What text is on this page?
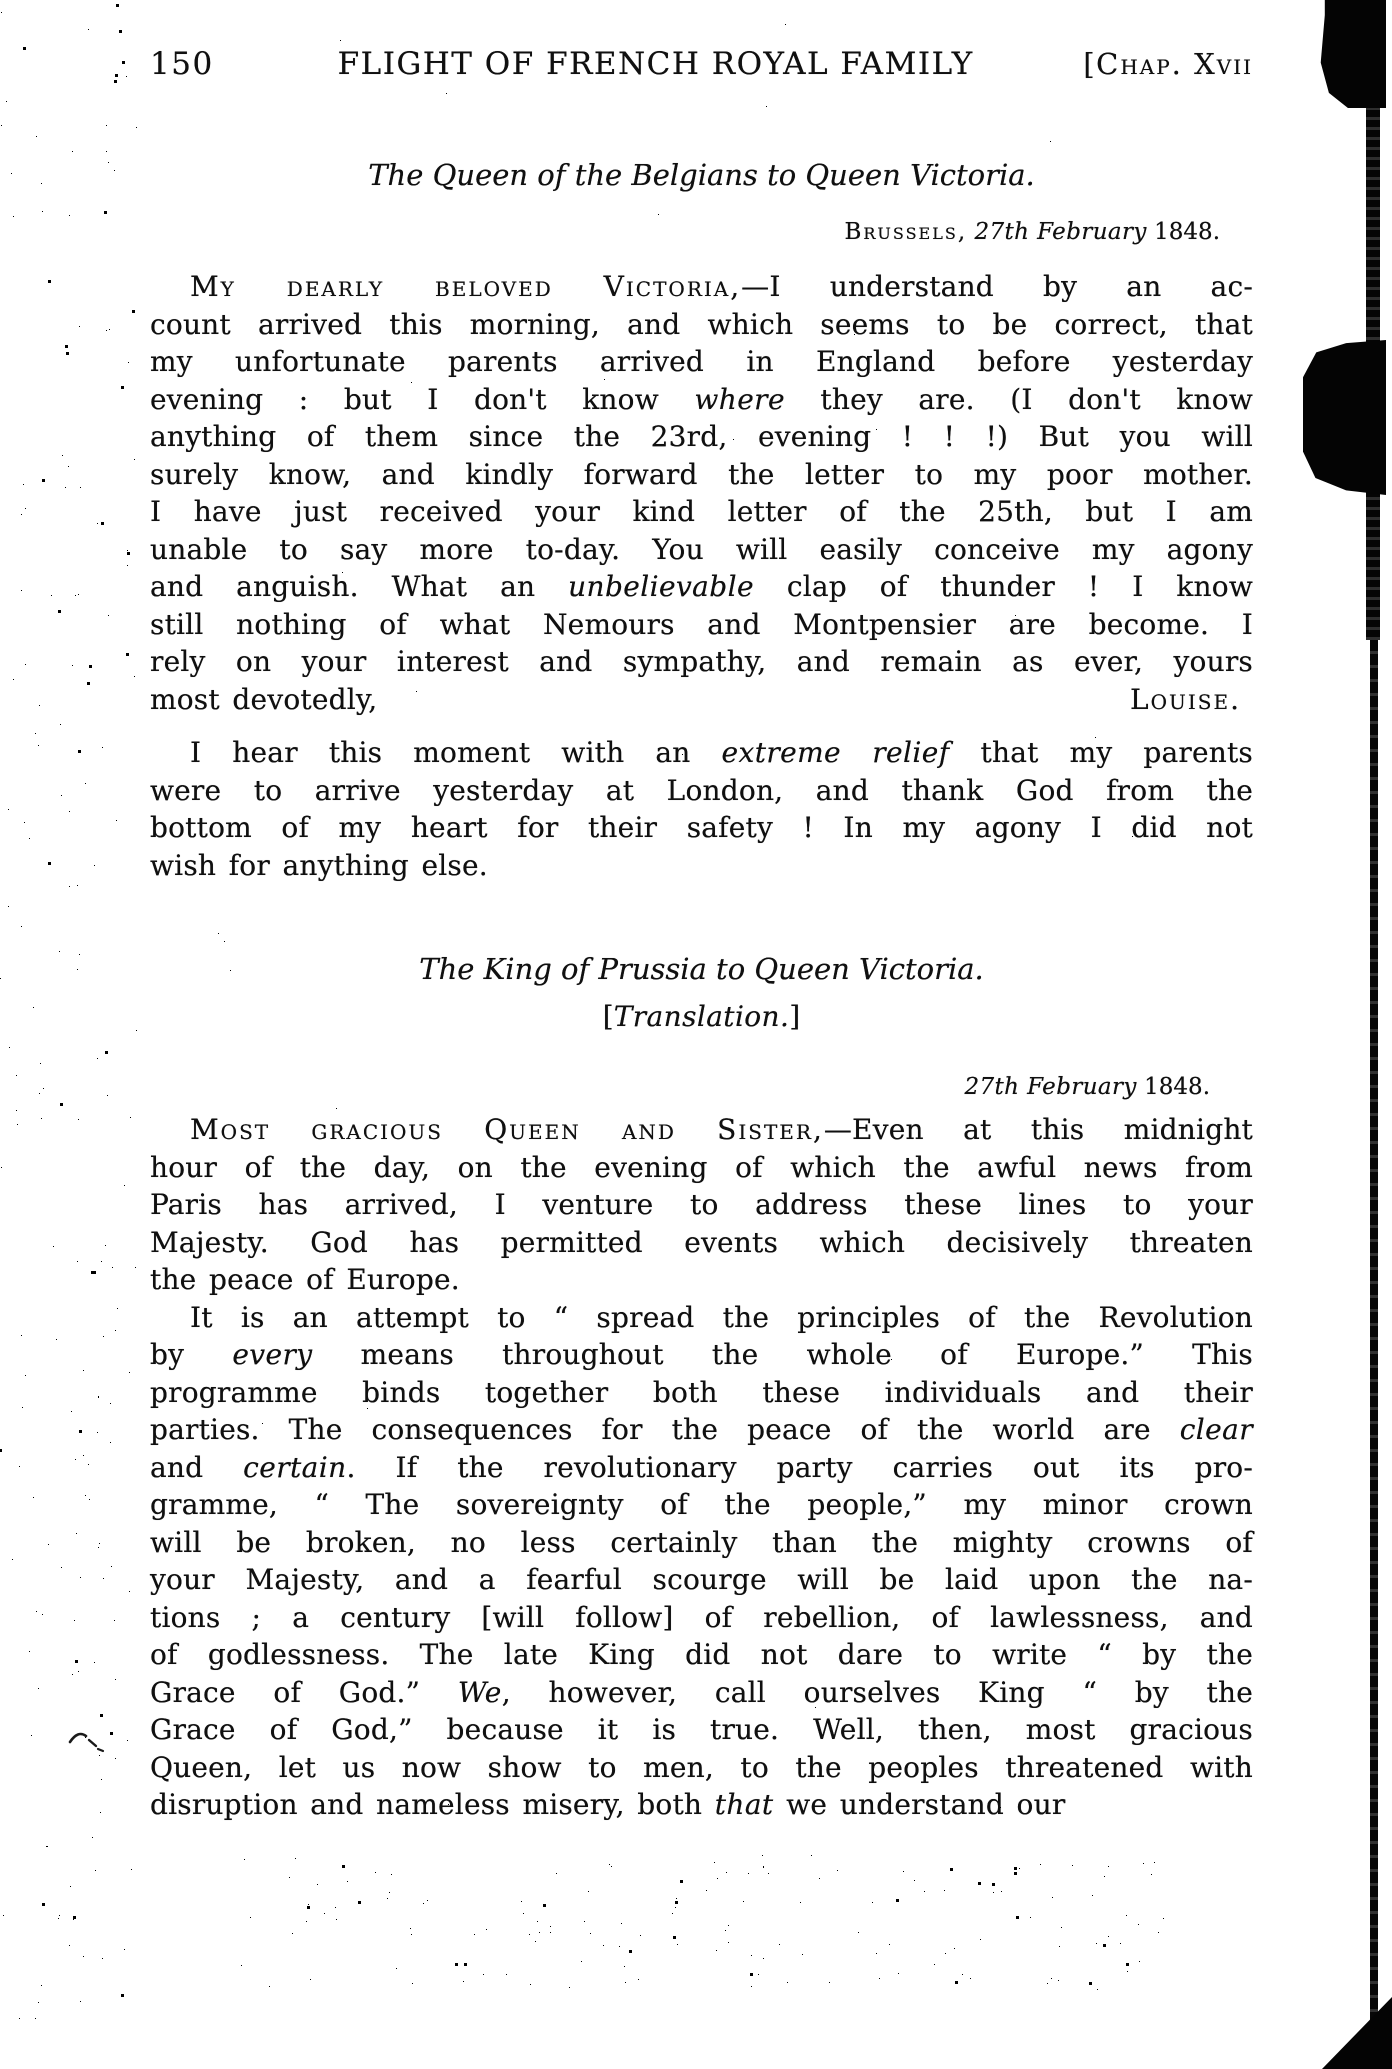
150	FLIGHT OF FRENCH ROYAL FAMILY	[Chap. Xvii
The Queen of the Belgians to Queen Victoria.
Brussels, 27th February 1848.
My dearly beloved Victoria,—I understand by an ac-
count arrived this morning, and which seems to be correct, that
my unfortunate parents arrived in England before yesterday
evening : but I don't know where they are. (I don't know
anything of them since the 23rd, evening ! ! !) But you will
surely know, and kindly forward the letter to my poor mother.
I have just received your kind letter of the 25th, but I am
unable to say more to-day. You will easily conceive my agony
and anguish. What an unbelievable clap of thunder ! I know
still nothing of what Nemours and Montpensier are become. I
rely on your interest and sympathy, and remain as ever, yours
most devotedly,	Louise.
I hear this moment with an extreme relief that my parents
were to arrive yesterday at London, and thank God from the
bottom of my heart for their safety ! In my agony I did not
wish for anything else.
The King of Prussia to Queen Victoria.
[Translation.]
27th February 1848.
Most gracious Queen and Sister,—Even at this midnight
hour of the day, on the evening of which the awful news from
Paris has arrived, I venture to address these lines to your
Majesty. God has permitted events which decisively threaten
the peace of Europe.
It is an attempt to “ spread the principles of the Revolution
by every means throughout the whole of Europe.” This
programme binds together both these individuals and their
parties. The consequences for the peace of the world are clear
and certain. If the revolutionary party carries out its pro-
gramme, “ The sovereignty of the people,” my minor crown
will be broken, no less certainly than the mighty crowns of
your Majesty, and a fearful scourge will be laid upon the na-
tions ; a century [will follow] of rebellion, of lawlessness, and
of godlessness. The late King did not dare to write “ by the
Grace of God.” We, however, call ourselves King “ by the
Grace of God,” because it is true. Well, then, most gracious
Queen, let us now show to men, to the peoples threatened with
disruption and nameless misery, both that we understand our
